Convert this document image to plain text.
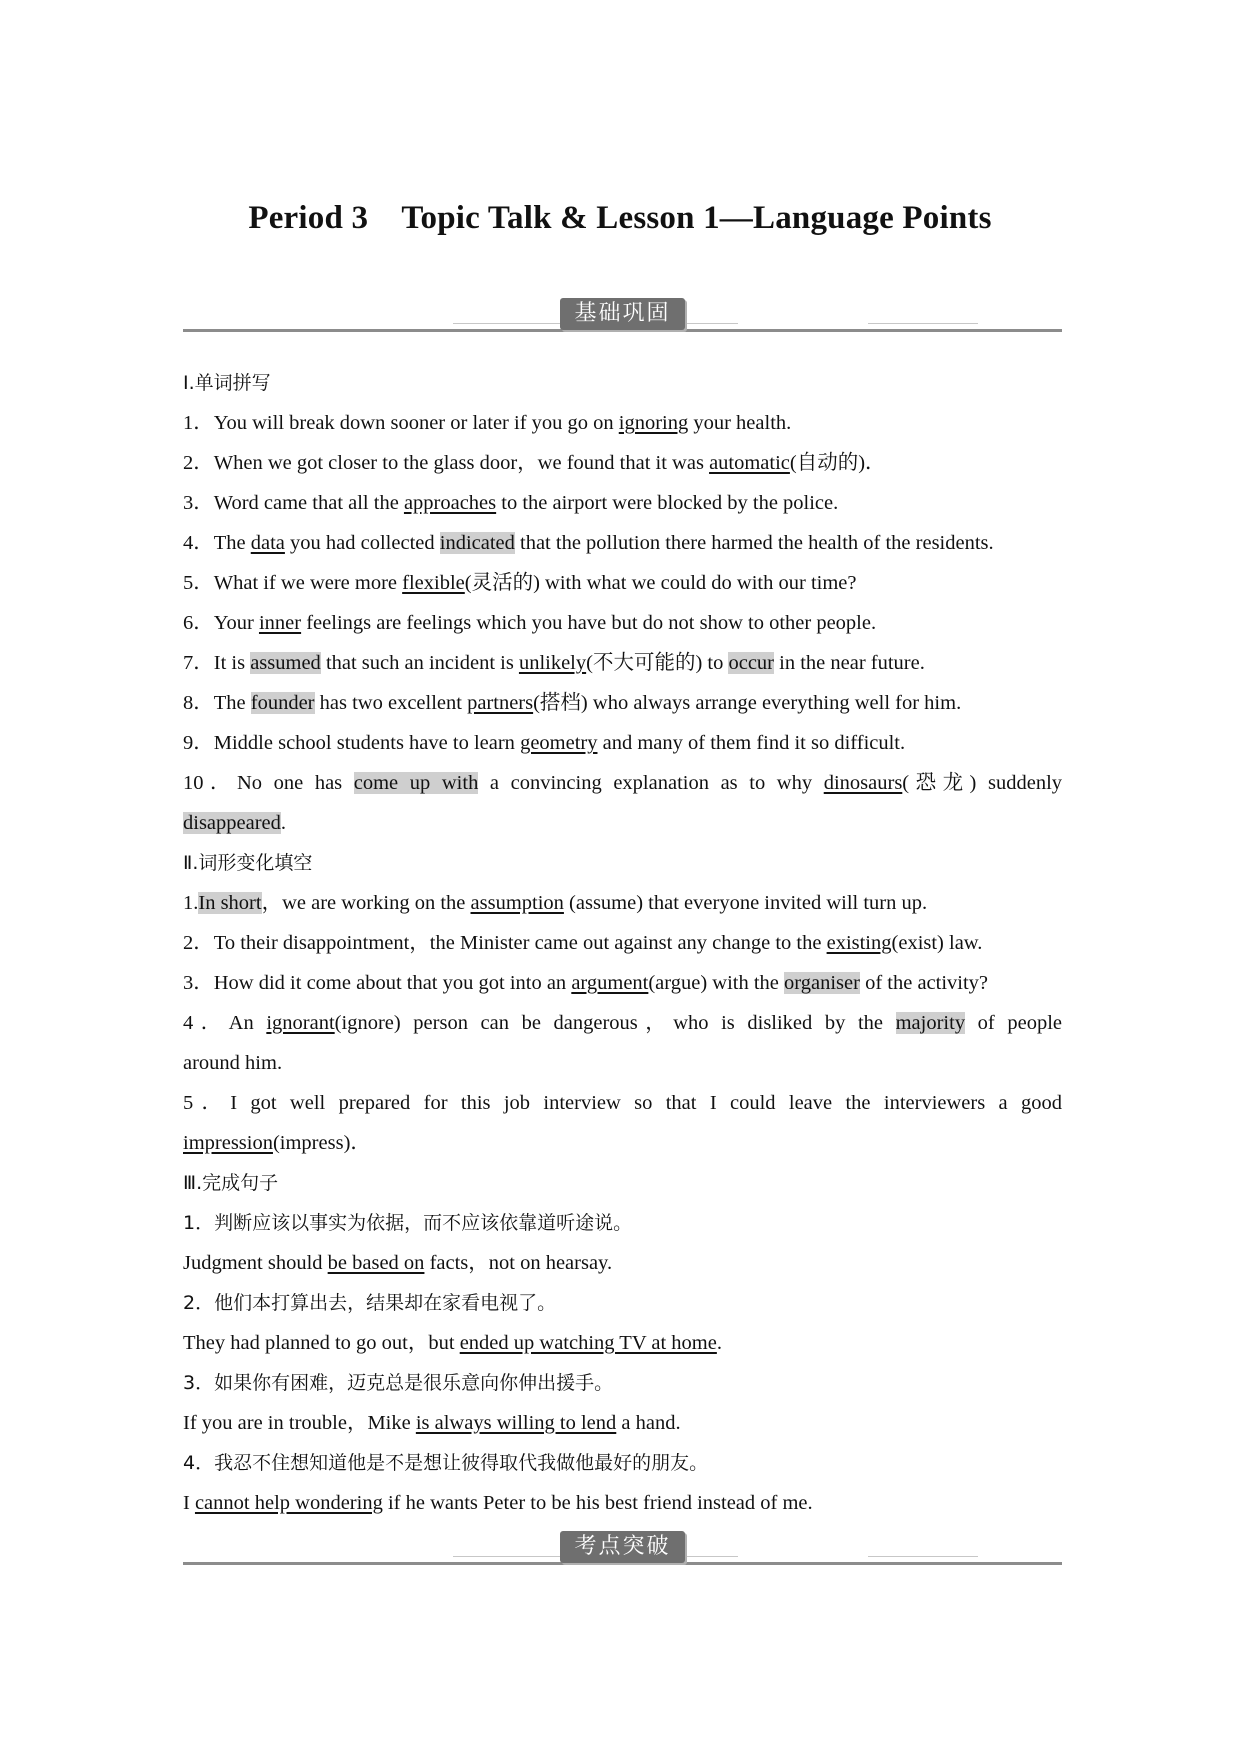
Period 3    Topic Talk & Lesson 1—Language Points
基础巩固
Ⅰ.单词拼写
1．You will break down sooner or later if you go on ignoring your health.
2．When we got closer to the glass door，we found that it was automatic(自动的)．
3．Word came that all the approaches to the airport were blocked by the police.
4．The data you had collected indicated that the pollution there harmed the health of the residents.
5．What if we were more flexible(灵活的) with what we could do with our time?
6．Your inner feelings are feelings which you have but do not show to other people.
7．It is assumed that such an incident is unlikely(不大可能的) to occur in the near future.
8．The founder has two excellent partners(搭档) who always arrange everything well for him.
9．Middle school students have to learn geometry and many of them find it so difficult.
10．No one has come up with a convincing explanation as to why dinosaurs(恐龙) suddenly
disappeared.
Ⅱ.词形变化填空
1.In short，we are working on the assumption (assume) that everyone invited will turn up.
2．To their disappointment，the Minister came out against any change to the existing(exist) law.
3．How did it come about that you got into an argument(argue) with the organiser of the activity?
4．An ignorant(ignore) person can be dangerous，who is disliked by the majority of people
around him.
5．I got well prepared for this job interview so that I could leave the interviewers a good
impression(impress)．
Ⅲ.完成句子
1．判断应该以事实为依据，而不应该依靠道听途说。
Judgment should be based on facts，not on hearsay.
2．他们本打算出去，结果却在家看电视了。
They had planned to go out，but ended up watching TV at home.
3．如果你有困难，迈克总是很乐意向你伸出援手。
If you are in trouble，Mike is always willing to lend a hand.
4．我忍不住想知道他是不是想让彼得取代我做他最好的朋友。
I cannot help wondering if he wants Peter to be his best friend instead of me.
考点突破
